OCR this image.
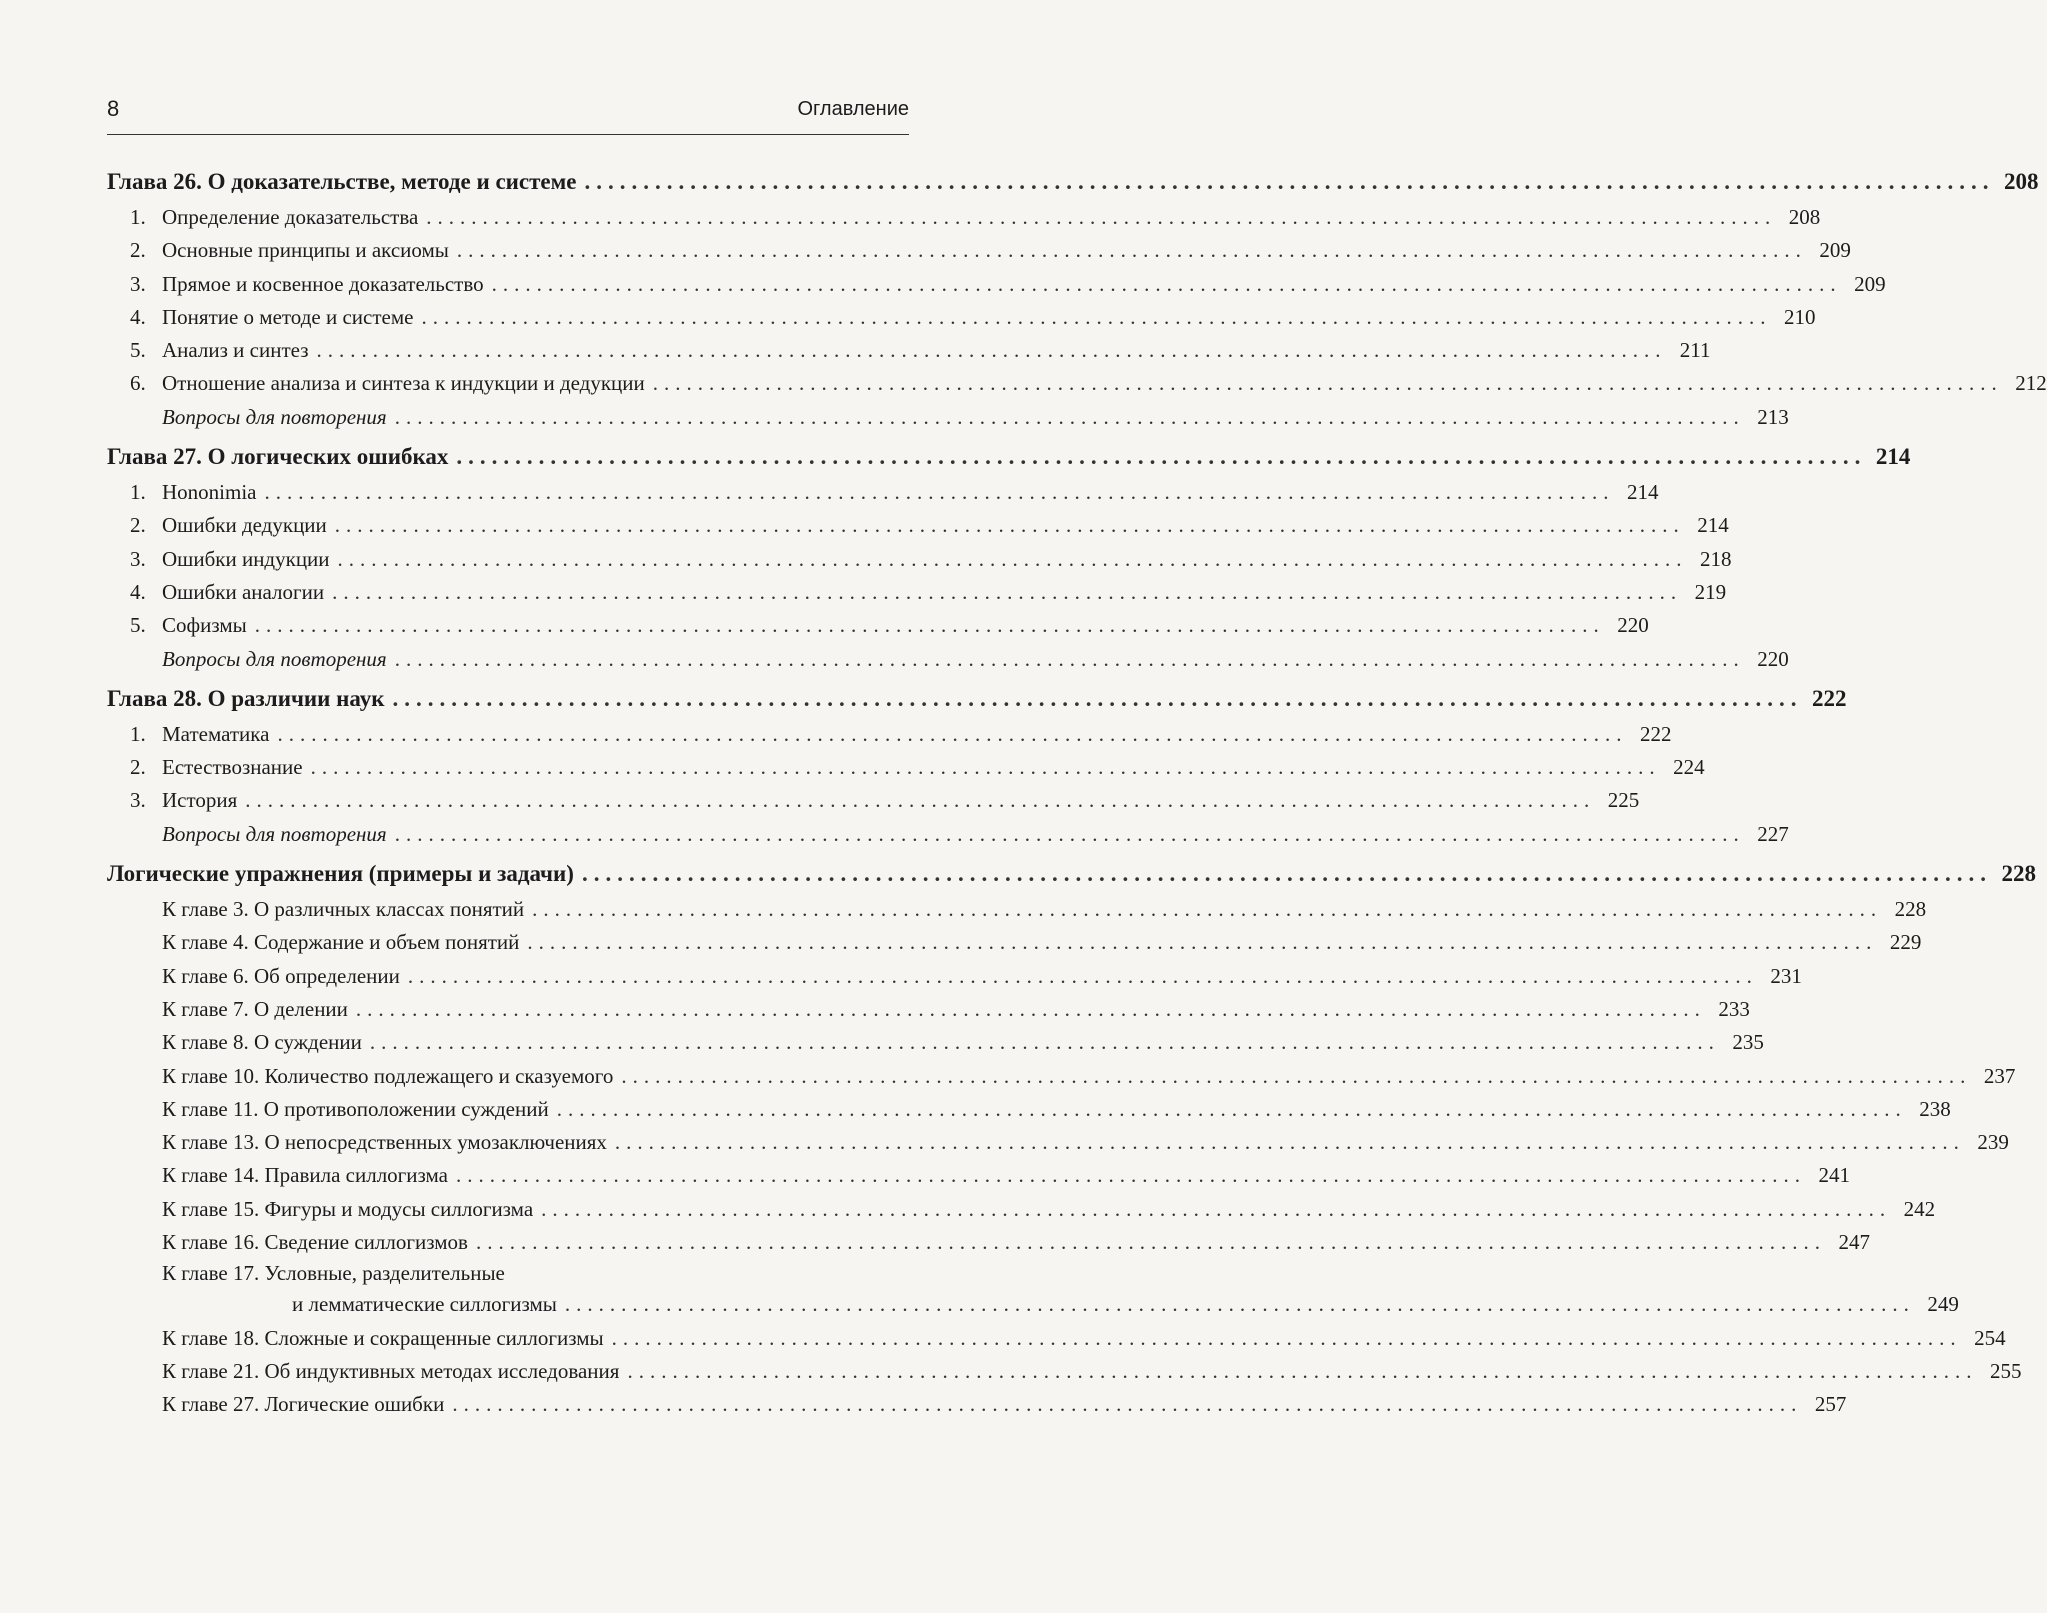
8	Оглавление
Глава 26. О доказательстве, методе и системе ........................................................................................................................ 208
1. Определение доказательства ........................................................................................................................ 208
2. Основные принципы и аксиомы ........................................................................................................................ 209
3. Прямое и косвенное доказательство ........................................................................................................................ 209
4. Понятие о методе и системе ........................................................................................................................ 210
5. Анализ и синтез ........................................................................................................................ 211
6. Отношение анализа и синтеза к индукции и дедукции ........................................................................................................................ 212
Вопросы для повторения ........................................................................................................................ 213
Глава 27. О логических ошибках ........................................................................................................................ 214
1. Hononimia ........................................................................................................................ 214
2. Ошибки дедукции ........................................................................................................................ 214
3. Ошибки индукции ........................................................................................................................ 218
4. Ошибки аналогии ........................................................................................................................ 219
5. Софизмы ........................................................................................................................ 220
Вопросы для повторения ........................................................................................................................ 220
Глава 28. О различии наук ........................................................................................................................ 222
1. Математика ........................................................................................................................ 222
2. Естествознание ........................................................................................................................ 224
3. История ........................................................................................................................ 225
Вопросы для повторения ........................................................................................................................ 227
Логические упражнения (примеры и задачи) ........................................................................................................................ 228
К главе 3. О различных классах понятий ........................................................................................................................ 228
К главе 4. Содержание и объем понятий ........................................................................................................................ 229
К главе 6. Об определении ........................................................................................................................ 231
К главе 7. О делении ........................................................................................................................ 233
К главе 8. О суждении ........................................................................................................................ 235
К главе 10. Количество подлежащего и сказуемого ........................................................................................................................ 237
К главе 11. О противоположении суждений ........................................................................................................................ 238
К главе 13. О непосредственных умозаключениях ........................................................................................................................ 239
К главе 14. Правила силлогизма ........................................................................................................................ 241
К главе 15. Фигуры и модусы силлогизма ........................................................................................................................ 242
К главе 16. Сведение силлогизмов ........................................................................................................................ 247
К главе 17. Условные, разделительные
и лемматические силлогизмы ........................................................................................................................ 249
К главе 18. Сложные и сокращенные силлогизмы ........................................................................................................................ 254
К главе 21. Об индуктивных методах исследования ........................................................................................................................ 255
К главе 27. Логические ошибки ........................................................................................................................ 257
